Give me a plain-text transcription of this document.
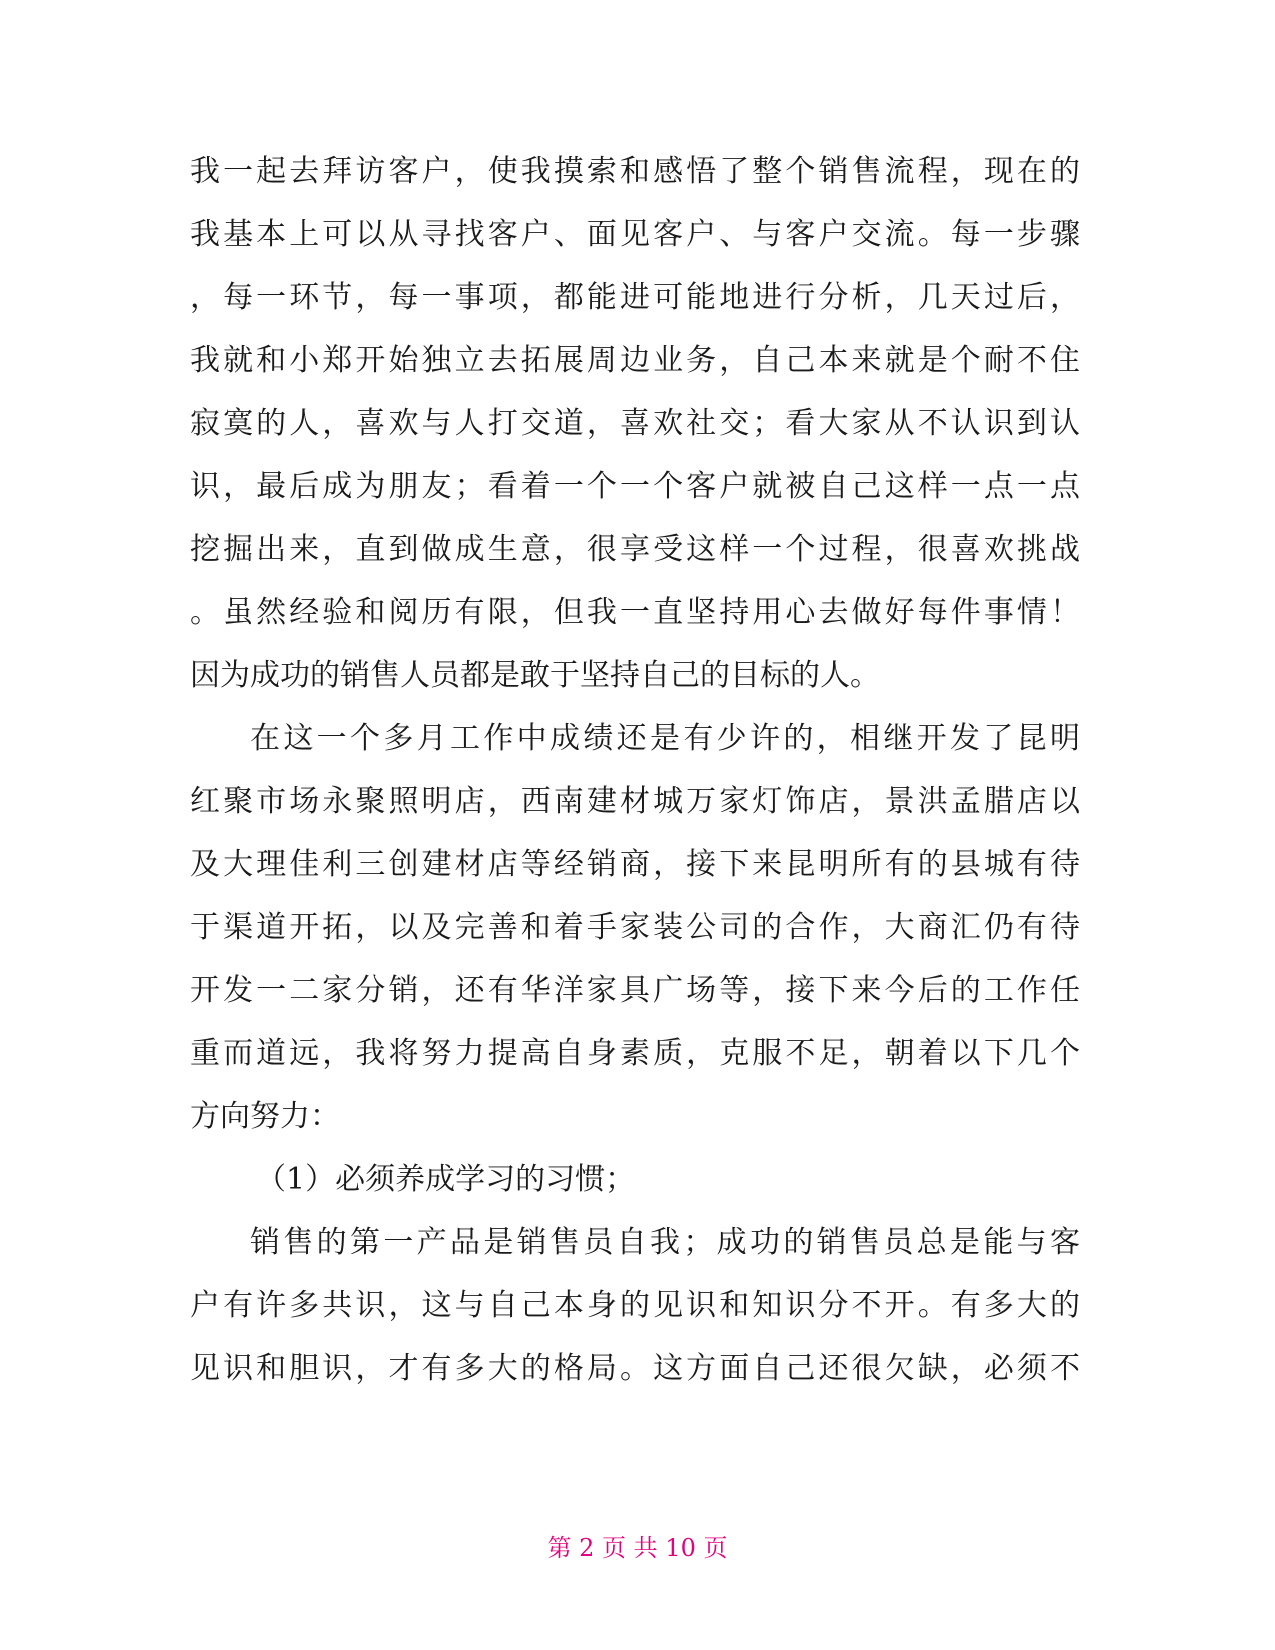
我一起去拜访客户，使我摸索和感悟了整个销售流程，现在的
我基本上可以从寻找客户、面见客户、与客户交流。每一步骤
，每一环节，每一事项，都能进可能地进行分析，几天过后，
我就和小郑开始独立去拓展周边业务，自己本来就是个耐不住
寂寞的人，喜欢与人打交道，喜欢社交；看大家从不认识到认
识，最后成为朋友；看着一个一个客户就被自己这样一点一点
挖掘出来，直到做成生意，很享受这样一个过程，很喜欢挑战
。虽然经验和阅历有限，但我一直坚持用心去做好每件事情！
因为成功的销售人员都是敢于坚持自己的目标的人。
在这一个多月工作中成绩还是有少许的，相继开发了昆明
红聚市场永聚照明店，西南建材城万家灯饰店，景洪孟腊店以
及大理佳利三创建材店等经销商，接下来昆明所有的县城有待
于渠道开拓，以及完善和着手家装公司的合作，大商汇仍有待
开发一二家分销，还有华洋家具广场等，接下来今后的工作任
重而道远，我将努力提高自身素质，克服不足，朝着以下几个
方向努力：
（1）必须养成学习的习惯；
销售的第一产品是销售员自我；成功的销售员总是能与客
户有许多共识，这与自己本身的见识和知识分不开。有多大的
见识和胆识，才有多大的格局。这方面自己还很欠缺，必须不
第 2 页 共 10 页
